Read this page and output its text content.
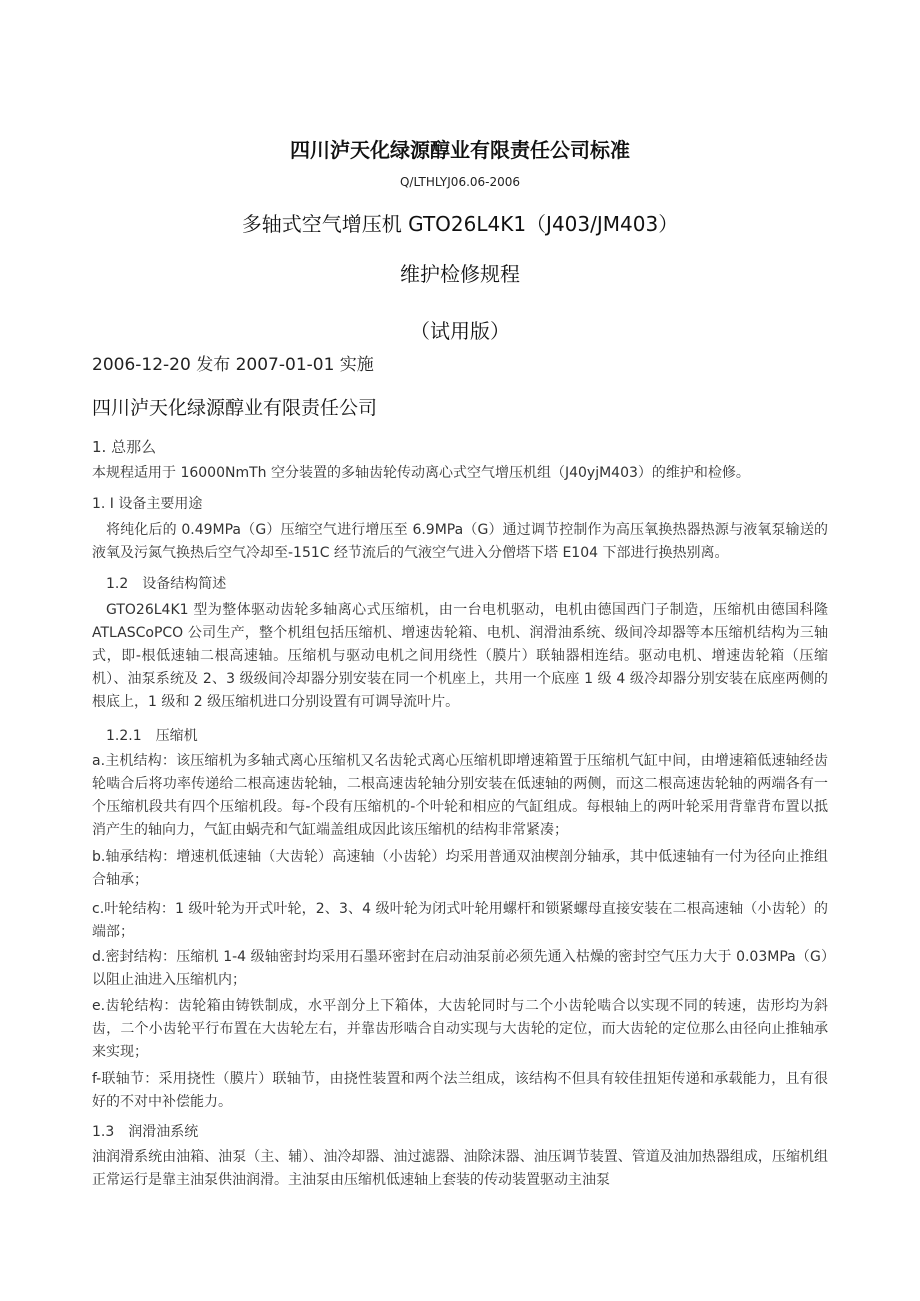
四川泸天化绿源醇业有限责任公司标准
Q/LTHLYJ06.06-2006
多轴式空气增压机 GTO26L4K1（J403/JM403）
维护检修规程
（试用版）
2006-12-20 发布 2007-01-01 实施
四川泸天化绿源醇业有限责任公司
1. 总那么
本规程适用于 16000NmTh 空分装置的多轴齿轮传动离心式空气增压机组（J40yjM403）的维护和检修。
1. I 设备主要用途
将纯化后的 0.49MPa（G）压缩空气进行增压至 6.9MPa（G）通过调节控制作为高压氧换热器热源与液氧泵输送的液氧及污氮气换热后空气冷却至-151C 经节流后的气液空气进入分僧塔下塔 E104 下部进行换热别离。
1.2　设备结构简述
GTO26L4K1 型为整体驱动齿轮多轴离心式压缩机，由一台电机驱动，电机由德国西门子制造，压缩机由德国科隆 ATLASCoPCO 公司生产，整个机组包括压缩机、增速齿轮箱、电机、润滑油系统、级间冷却器等本压缩机结构为三轴式，即-根低速轴二根高速轴。压缩机与驱动电机之间用绕性（膜片）联轴器相连结。驱动电机、增速齿轮箱（压缩机）、油泵系统及 2、3 级级间冷却器分别安装在同一个机座上，共用一个底座 1 级 4 级冷却器分别安装在底座两侧的根底上，1 级和 2 级压缩机进口分别设置有可调导流叶片。
1.2.1　压缩机
a.主机结构：该压缩机为多轴式离心压缩机又名齿轮式离心压缩机即增速箱置于压缩机气缸中间，由增速箱低速轴经齿轮啮合后将功率传递给二根高速齿轮轴，二根高速齿轮轴分别安装在低速轴的两侧，而这二根高速齿轮轴的两端各有一个压缩机段共有四个压缩机段。每-个段有压缩机的-个叶轮和相应的气缸组成。每根轴上的两叶轮采用背靠背布置以抵消产生的轴向力，气缸由蜗壳和气缸端盖组成因此该压缩机的结构非常紧凑；
b.轴承结构：增速机低速轴（大齿轮）高速轴（小齿轮）均采用普通双油楔剖分轴承，其中低速轴有一付为径向止推组合轴承；
c.叶轮结构：1 级叶轮为开式叶轮，2、3、4 级叶轮为闭式叶轮用螺杆和锁紧螺母直接安装在二根高速轴（小齿轮）的端部；
d.密封结构：压缩机 1-4 级轴密封均采用石墨环密封在启动油泵前必须先通入枯燥的密封空气压力大于 0.03MPa（G）以阻止油进入压缩机内；
e.齿轮结构：齿轮箱由铸铁制成，水平剖分上下箱体，大齿轮同时与二个小齿轮啮合以实现不同的转速，齿形均为斜齿，二个小齿轮平行布置在大齿轮左右，并靠齿形啮合自动实现与大齿轮的定位，而大齿轮的定位那么由径向止推轴承来实现；
f-联轴节：采用挠性（膜片）联轴节，由挠性装置和两个法兰组成，该结构不但具有较佳扭矩传递和承载能力，且有很好的不对中补偿能力。
1.3　润滑油系统
油润滑系统由油箱、油泵（主、辅）、油冷却器、油过滤器、油除沫器、油压调节装置、管道及油加热器组成，压缩机组正常运行是靠主油泵供油润滑。主油泵由压缩机低速轴上套装的传动装置驱动主油泵
